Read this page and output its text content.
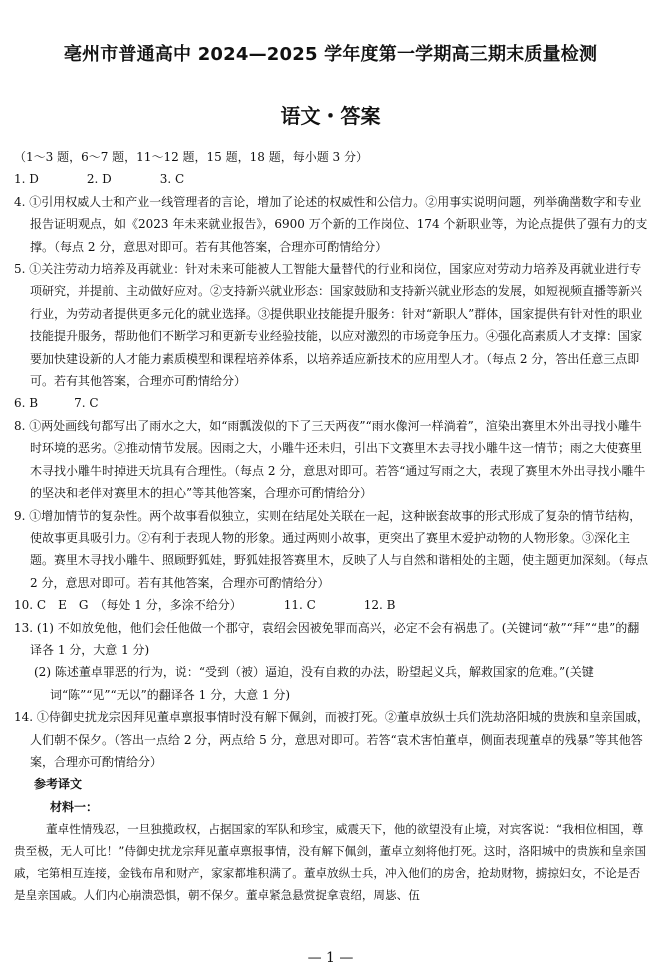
亳州市普通高中 2024—2025 学年度第一学期高三期末质量检测
语文・答案

（1～3 题，6～7 题，11～12 题，15 题，18 题，每小题 3 分）

1. D　　　　2. D　　　　3. C

4. ①引用权威人士和产业一线管理者的言论，增加了论述的权威性和公信力。②用事实说明问题，列举确凿数字和专业报告证明观点，如《2023 年未来就业报告》，6900 万个新的工作岗位、174 个新职业等，为论点提供了强有力的支撑。（每点 2 分，意思对即可。若有其他答案，合理亦可酌情给分）

5. ①关注劳动力培养及再就业：针对未来可能被人工智能大量替代的行业和岗位，国家应对劳动力培养及再就业进行专项研究，并提前、主动做好应对。②支持新兴就业形态：国家鼓励和支持新兴就业形态的发展，如短视频直播等新兴行业，为劳动者提供更多元化的就业选择。③提供职业技能提升服务：针对“新职人”群体，国家提供有针对性的职业技能提升服务，帮助他们不断学习和更新专业经验技能，以应对激烈的市场竞争压力。④强化高素质人才支撑：国家要加快建设新的人才能力素质模型和课程培养体系，以培养适应新技术的应用型人才。（每点 2 分，答出任意三点即可。若有其他答案，合理亦可酌情给分）

6. B　　　7. C

8. ①两处画线句都写出了雨水之大，如“雨瓢泼似的下了三天两夜”“雨水像河一样淌着”，渲染出赛里木外出寻找小雕牛时环境的恶劣。②推动情节发展。因雨之大，小雕牛还未归，引出下文赛里木去寻找小雕牛这一情节；雨之大使赛里木寻找小雕牛时掉进天坑具有合理性。（每点 2 分，意思对即可。若答“通过写雨之大，表现了赛里木外出寻找小雕牛的坚决和老伴对赛里木的担心”等其他答案，合理亦可酌情给分）

9. ①增加情节的复杂性。两个故事看似独立，实则在结尾处关联在一起，这种嵌套故事的形式形成了复杂的情节结构，使故事更具吸引力。②有利于表现人物的形象。通过两则小故事，更突出了赛里木爱护动物的人物形象。③深化主题。赛里木寻找小雕牛、照顾野狐娃，野狐娃报答赛里木，反映了人与自然和谐相处的主题，使主题更加深刻。（每点 2 分，意思对即可。若有其他答案，合理亦可酌情给分）

10. C　E　G　（每处 1 分，多涂不给分）　　　　11. C　　　　12. B

13. (1) 不如放免他，他们会任他做一个郡守，袁绍会因被免罪而高兴，必定不会有祸患了。(关键词“赦”“拜”“患”的翻译各 1 分，大意 1 分)

(2) 陈述董卓罪恶的行为，说：“受到（被）逼迫，没有自救的办法，盼望起义兵，解救国家的危难。”(关键词“陈”“见”“无以”的翻译各 1 分，大意 1 分)

14. ①侍御史扰龙宗因拜见董卓禀报事情时没有解下佩剑，而被打死。②董卓放纵士兵们洗劫洛阳城的贵族和皇亲国戚，人们朝不保夕。（答出一点给 2 分，两点给 5 分，意思对即可。若答“袁术害怕董卓，侧面表现董卓的残暴”等其他答案，合理亦可酌情给分）

参考译文

材料一：

董卓性情残忍，一旦独揽政权，占据国家的军队和珍宝，威震天下，他的欲望没有止境，对宾客说：“我相位相国，尊贵至极，无人可比！”侍御史扰龙宗拜见董卓禀报事情，没有解下佩剑，董卓立刻将他打死。这时，洛阳城中的贵族和皇亲国戚，宅第相互连接，金钱布帛和财产，家家都堆积满了。董卓放纵士兵，冲入他们的房舍，抢劫财物，掳掠妇女，不论是否是皇亲国戚。人们内心崩溃恐惧，朝不保夕。董卓紧急悬赏捉拿袁绍，周毖、伍

— 1 —
